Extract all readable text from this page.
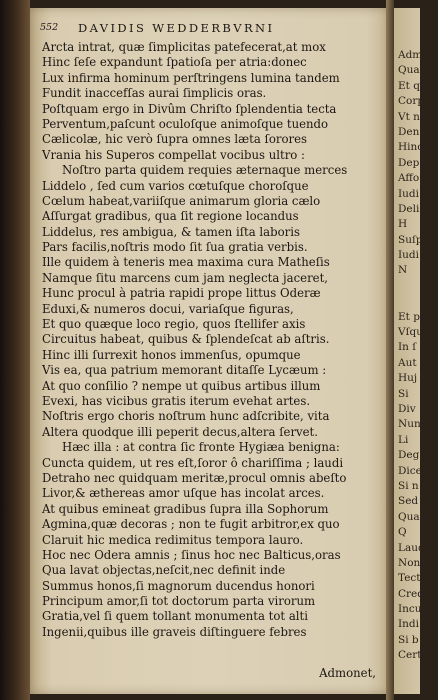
552 DAVIDIS WEDDERBVRNI
Arcta intrat, quæ ſimplicitas patefecerat,at mox
Hinc ſeſe expandunt ſpatioſa per atria:donec
Lux infirma hominum perſtringens lumina tandem
Fundit inaccefſas aurai ſimplicis oras.
Poſtquam ergo in Divûm Chriſto ſplendentia tecta
Perventum,paſcunt oculoſque animoſque tuendo
Cælicolæ, hic verò ſupra omnes læta ſorores
Vrania his Superos compellat vocibus ultro :
Noſtro parta quidem requies æternaque merces
Liddelo , ſed cum varios cœtuſque choroſque
Cœlum habeat,variiſque animarum gloria cælo
Aſſurgat gradibus, qua ſit regione locandus
Liddelus, res ambigua, & tamen iſta laboris
Pars facilis,noſtris modo ſit ſua gratia verbis.
Ille quidem à teneris mea maxima cura Matheſis
Namque ſitu marcens cum jam neglecta jaceret,
Hunc procul à patria rapidi prope littus Oderæ
Eduxi,& numeros docui, variaſque figuras,
Et quo quæque loco regio, quos ſtellifer axis
Circuitus habeat, quibus & ſplendeſcat ab aſtris.
Hinc illi ſurrexit honos immenſus, opumque
Vis ea, qua patrium memorant ditaſſe Lycæum :
At quo conſilio ? nempe ut quibus artibus illum
Evexi, has vicibus gratis iterum evehat artes.
Noſtris ergo choris noſtrum hunc adſcribite, vita
Altera quodque illi peperit decus,altera ſervet.
Hæc illa : at contra ſic fronte Hygiæa benigna:
Cuncta quidem, ut res eſt,ſoror ô chariſſima ; laudi
Detraho nec quidquam meritæ,procul omnis abeſto
Livor,& æthereas amor uſque has incolat arces.
At quibus emineat gradibus ſupra illa Sophorum
Agmina,quæ decoras ; non te fugit arbitror,ex quo
Claruit hic medica redimitus tempora lauro.
Hoc nec Odera amnis ; ſinus hoc nec Balticus,oras
Qua lavat objectas,neſcit,nec definit inde
Summus honos,ſi magnorum ducendus honori
Principum amor,ſi tot doctorum parta virorum
Gratia,vel ſi quem tollant monumenta tot alti
Ingenii,quibus ille graveis diſtinguere febres
Admonet,
Adm
Qua
Et q
Corp
Vt n
Den
Hinc
Dep
Affo
Iudi
Deli
H
Suſp
Iudi
N
Et p
Vſqu
In ſ
Aut p
Huj
Si
Div
Nun
Li
Deg
Dice
Si n
Sed
Qua
Q
Laud
Non
Tect
Cred
Incu
Indi
Si b
Cert
